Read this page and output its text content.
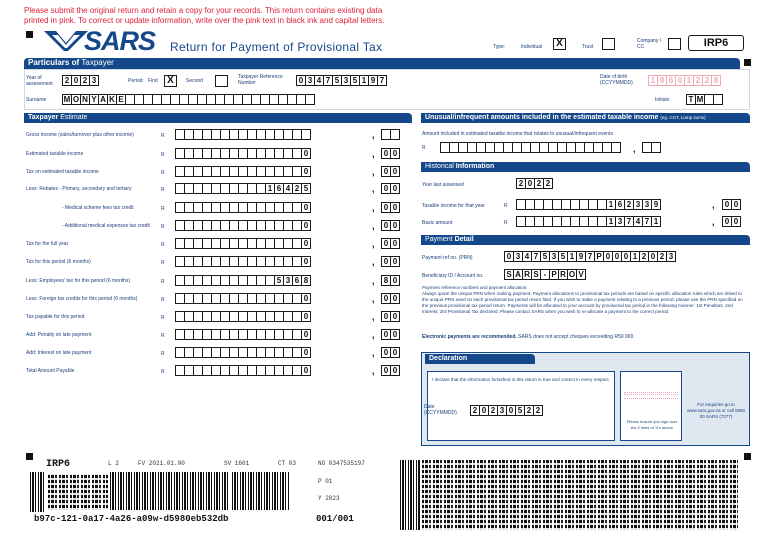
Please submit the original return and retain a copy for your records. This return contains existing data
printed in pink. To correct or update information, write over the pink text in black ink and capital letters.
SARS Return for Payment of Provisional Tax	Type:	Individual	X	Trust
Company / CC	IRP6
Particulars of Taxpayer
Year of assessment	2 0 2 3	Period: First X	Second
Taxpayer Reference Number	0 3 4 7 5 3 5 1 9 7	Date of birth (CCYYMMDD)	1 9 6 0 1 2 2 8
Surname M O N Y A K E	Initials T M
Taxpayer Estimate
Gross income (sales/turnover plus other income)	R	,
Estimated taxable income	R	0	, 0 0
Tax on estimated taxable income	R	0	, 0 0
Less: Rebates - Primary, secondary and tertiary	R	1 6 4 2 5	, 0 0
- Medical scheme fees tax credit	R	0	, 0 0
- Additional medical expenses tax credit	R	0	, 0 0
Tax for the full year	R	0	, 0 0
Tax for this period (6 months)	R	0	, 0 0
Less: Employees' tax for this period (6 months)	R	5 3 6 8	, 8 0
Less: Foreign tax credits for this period (6 months)	R	0	, 0 0
Tax payable for this period	R	0	, 0 0
Add: Penalty on late payment	R	0	, 0 0
Add: Interest on late payment	R	0	, 0 0
Total Amount Payable	R	0	, 0 0
Unusual/infrequent amounts included in the estimated taxable income (eg. CGT, Lump sums)
Amount included in estimated taxable income that relates to unusual/infrequent events
R	,
Historical Information
Year last assessed	2 0 2 2
Taxable income for that year	R	1 6 2 3 3 9	, 0 0
Basic amount	R	1 3 7 4 7 1	, 0 0
Payment Detail
Payment ref no. (PRN)	0 3 4 7 5 3 5 1 9 7 P 0 0 0 1 2 0 2 3
Beneficiary ID / Account no.	S A R S - P R O V
Payment reference numbers and payment allocation:
Always quote the unique PRN when making payment. Payment allocations to provisional tax periods are based on specific allocation rules which are linked to the unique PRN used on each provisional tax period return filed. If you wish to make a payment relating to a previous period, please use the PRN specified on the previous provisional tax period return. Payments will be allocated to your account by provisional tax period in the following manner: 1st Penalties, 2nd Interest, 3rd Provisional Tax declared. Please contact SARS when you wish to re-allocate a payment to the correct period.
Electronic payments are recommended. SARS does not accept cheques exceeding R50 000.
Declaration
I declare that the information furnished in this return is true and correct in every respect.
Date (CCYYMMDD)	2 0 2 3 0 5 2 2
Please ensure you sign over the 2 lines of 'X's above
For enquiries go to www.sars.gov.za or call 0800 00 SARS (7277)
IRP6	L 2	FV 2021.01.00	SV 1601	CT 03	NO 0347535197
P 01
Y 2023
b97c-121-0a17-4a26-a09w-d5980eb532db	001/001
